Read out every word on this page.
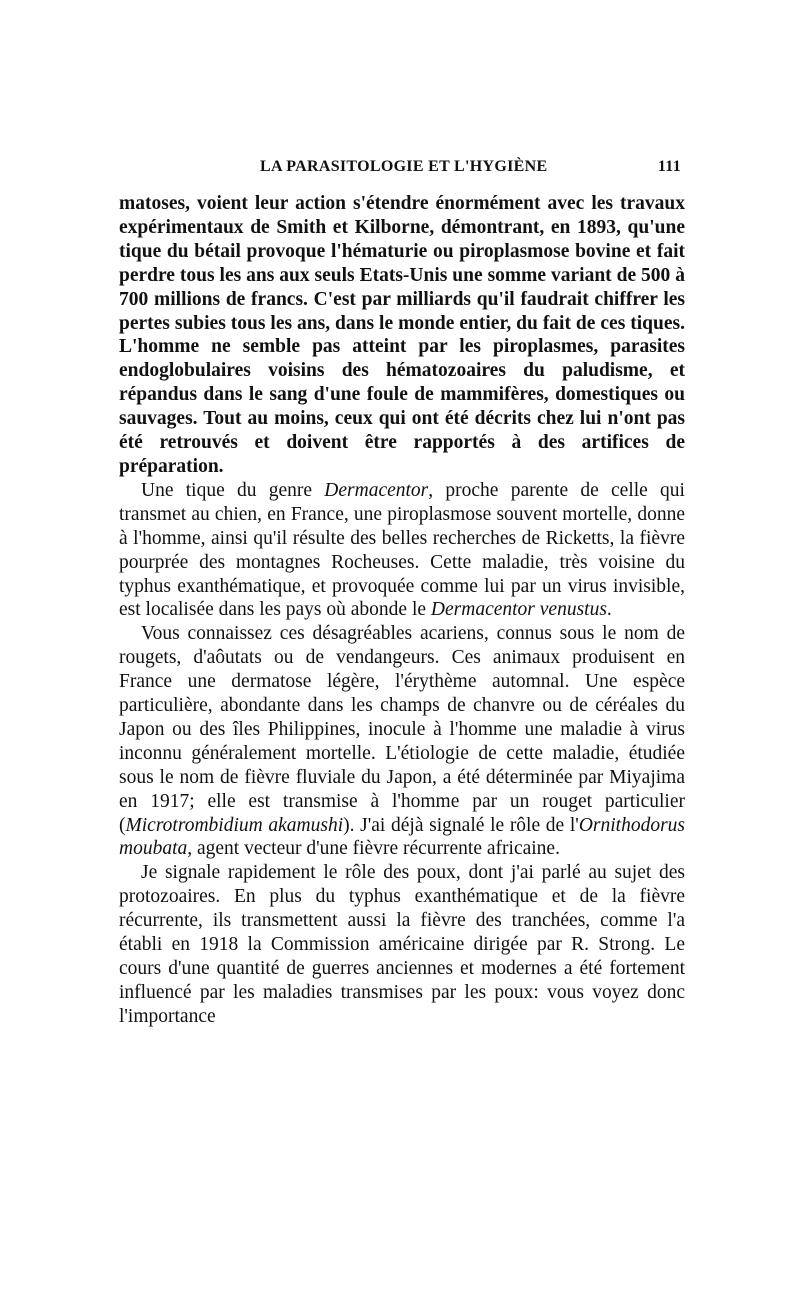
LA PARASITOLOGIE ET L'HYGIÈNE	111

matoses, voient leur action s'étendre énormément avec les travaux expérimentaux de Smith et Kilborne, démontrant, en 1893, qu'une tique du bétail provoque l'hématurie ou piroplasmose bovine et fait perdre tous les ans aux seuls Etats-Unis une somme variant de 500 à 700 millions de francs. C'est par milliards qu'il faudrait chiffrer les pertes subies tous les ans, dans le monde entier, du fait de ces tiques. L'homme ne semble pas atteint par les piroplasmes, parasites endoglobulaires voisins des hématozoaires du paludisme, et répandus dans le sang d'une foule de mammifères, domestiques ou sauvages. Tout au moins, ceux qui ont été décrits chez lui n'ont pas été retrouvés et doivent être rapportés à des artifices de préparation.

Une tique du genre Dermacentor, proche parente de celle qui transmet au chien, en France, une piroplasmose souvent mortelle, donne à l'homme, ainsi qu'il résulte des belles recherches de Ricketts, la fièvre pourprée des montagnes Rocheuses. Cette maladie, très voisine du typhus exanthématique, et provoquée comme lui par un virus invisible, est localisée dans les pays où abonde le Dermacentor venustus.

Vous connaissez ces désagréables acariens, connus sous le nom de rougets, d'aôutats ou de vendangeurs. Ces animaux produisent en France une dermatose légère, l'érythème automnal. Une espèce particulière, abondante dans les champs de chanvre ou de céréales du Japon ou des îles Philippines, inocule à l'homme une maladie à virus inconnu généralement mortelle. L'étiologie de cette maladie, étudiée sous le nom de fièvre fluviale du Japon, a été déterminée par Miyajima en 1917; elle est transmise à l'homme par un rouget particulier (Microtrombidium akamushi). J'ai déjà signalé le rôle de l'Ornithodorus moubata, agent vecteur d'une fièvre récurrente africaine.

Je signale rapidement le rôle des poux, dont j'ai parlé au sujet des protozoaires. En plus du typhus exanthématique et de la fièvre récurrente, ils transmettent aussi la fièvre des tranchées, comme l'a établi en 1918 la Commission américaine dirigée par R. Strong. Le cours d'une quantité de guerres anciennes et modernes a été fortement influencé par les maladies transmises par les poux: vous voyez donc l'importance
